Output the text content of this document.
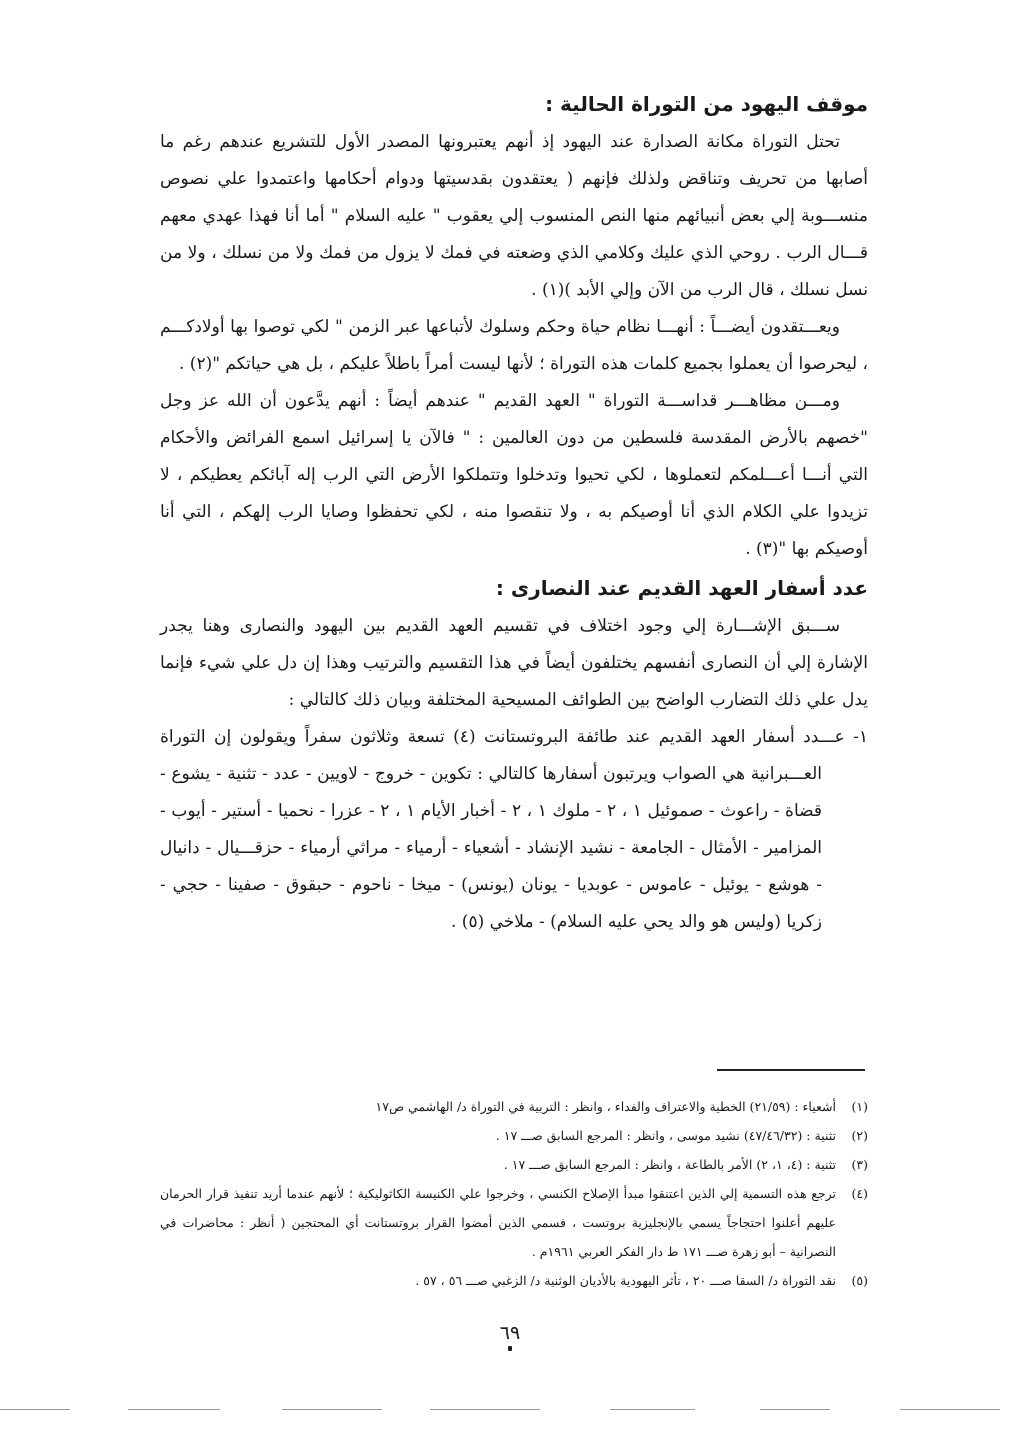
موقف اليهود من التوراة الحالية :

تحتل التوراة مكانة الصدارة عند اليهود إذ أنهم يعتبرونها المصدر الأول للتشريع عندهم رغم ما أصابها من تحريف وتناقض ولذلك فإنهم ( يعتقدون بقدسيتها ودوام أحكامها واعتمدوا علي نصوص منســـوبة إلي بعض أنبيائهم منها النص المنسوب إلي يعقوب " عليه السلام " أما أنا فهذا عهدي معهم قـــال الرب . روحي الذي عليك وكلامي الذي وضعته في فمك لا يزول من فمك ولا من نسلك ، ولا من نسل نسلك ، قال الرب من الآن وإلي الأبد )(١) .

ويعـــتقدون أيضـــاً : أنهـــا نظام حياة وحكم وسلوك لأتباعها عبر الزمن " لكي توصوا بها أولادكـــم ، ليحرصوا أن يعملوا بجميع كلمات هذه التوراة ؛ لأنها ليست أمراً باطلاً عليكم ، بل هي حياتكم "(٢) .

ومـــن مظاهـــر قداســـة التوراة " العهد القديم " عندهم أيضاً : أنهم يدَّعون أن الله عز وجل "خصهم بالأرض المقدسة فلسطين من دون العالمين : " فالآن يا إسرائيل اسمع الفرائض والأحكام التي أنـــا أعـــلمكم لتعملوها ، لكي تحيوا وتدخلوا وتتملكوا الأرض التي الرب إله آبائكم يعطيكم ، لا تزيدوا علي الكلام الذي أنا أوصيكم به ، ولا تنقصوا منه ، لكي تحفظوا وصايا الرب إلهكم ، التي أنا أوصيكم بها "(٣) .

عدد أسفار العهد القديم عند النصارى :

ســـبق الإشـــارة إلي وجود اختلاف في تقسيم العهد القديم بين اليهود والنصارى وهنا يجدر الإشارة إلي أن النصارى أنفسهم يختلفون أيضاً في هذا التقسيم والترتيب وهذا إن دل علي شيء فإنما يدل علي ذلك التضارب الواضح بين الطوائف المسيحية المختلفة وبيان ذلك كالتالي :

١- عـــدد أسفار العهد القديم عند طائفة البروتستانت (٤) تسعة وثلاثون سفراً ويقولون إن التوراة العـــبرانية هي الصواب ويرتبون أسفارها كالتالي : تكوين - خروج - لاويين - عدد - تثنية - يشوع - قضاة - راعوث - صموئيل ١ ، ٢ - ملوك ١ ، ٢ - أخبار الأيام ١ ، ٢ - عزرا - نحميا - أستير - أيوب - المزامير - الأمثال - الجامعة - نشيد الإنشاد - أشعياء - أرمياء - مراثي أرمياء - حزقـــيال - دانيال - هوشع - يوئيل - عاموس - عوبديا - يونان (يونس) - ميخا - ناحوم - حبقوق - صفينا - حجي - زكريا (وليس هو والد يحي عليه السلام) - ملاخي (٥) .

(١)أشعياء : (٢١/٥٩) الخطية والاعتراف والفداء ، وانظر : التربية في التوراة د/ الهاشمي ص١٧

(٢)تثنية : (٤٧/٤٦/٣٢) نشيد موسى ، وانظر : المرجع السابق صـــ ١٧ .

(٣)تثنية : (٤، ١، ٢) الأمر بالطاعة ، وانظر : المرجع السابق صـــ ١٧ .

(٤)ترجع هذه التسمية إلي الذين اعتنقوا مبدأ الإصلاح الكنسي ، وخرجوا علي الكنيسة الكاثوليكية ؛ لأنهم عندما أريد تنفيذ قرار الحرمان عليهم أعلنوا احتجاجاً يسمي بالإنجليزية بروتست ، فسمي الذين أمضوا القرار بروتستانت أي المحتجين ( أنظر : محاضرات في النصرانية – أبو زهرة صـــ ١٧١ ط دار الفكر العربي ١٩٦١م .

(٥)نقد التوراة د/ السقا صـــ ٢٠ ، تأثر اليهودية بالأديان الوثنية د/ الزغبي صـــ ٥٦ ، ٥٧ .

٦٩
